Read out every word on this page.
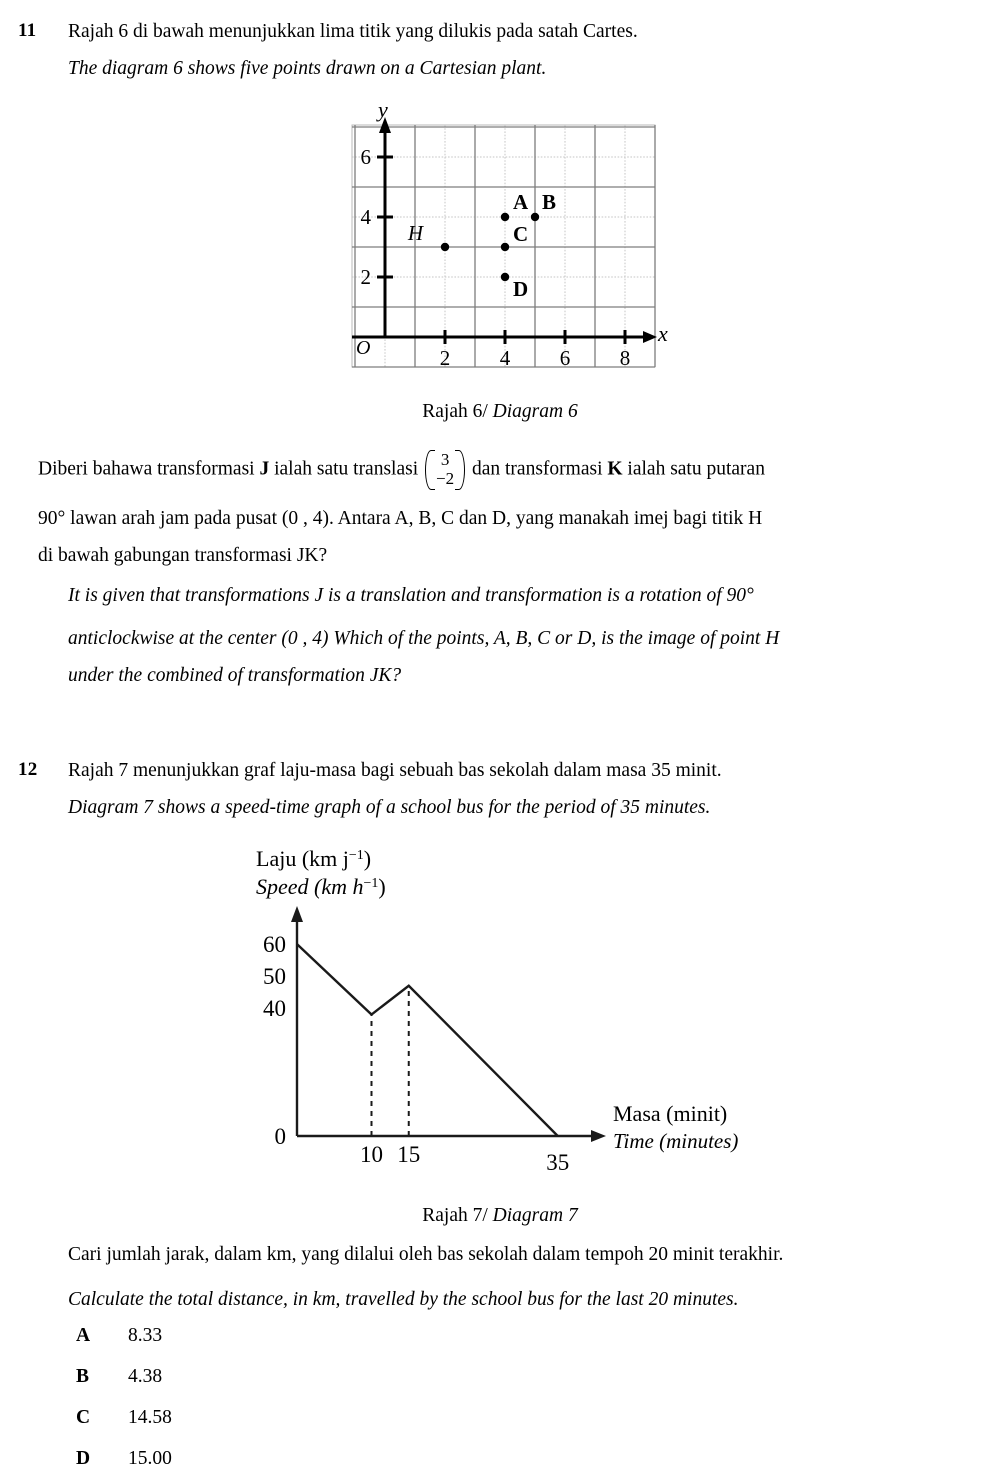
11 Rajah 6 di bawah menunjukkan lima titik yang dilukis pada satah Cartes.
The diagram 6 shows five points drawn on a Cartesian plant.
2 4 6 8
2
4
6
A B
C
D
H
y
x
O
Rajah 6/ Diagram 6
Diberi bahawa transformasi J ialah satu translasi 3
−2 dan transformasi K ialah satu putaran
90° lawan arah jam pada pusat (0 , 4). Antara A, B, C dan D, yang manakah imej bagi titik H
di bawah gabungan transformasi JK?
It is given that transformations J is a translation and transformation is a rotation of 90°
anticlockwise at the center (0 , 4) Which of the points, A, B, C or D, is the image of point H
under the combined of transformation JK?
12 Rajah 7 menunjukkan graf laju-masa bagi sebuah bas sekolah dalam masa 35 minit.
Diagram 7 shows a speed-time graph of a school bus for the period of 35 minutes.
Laju (km $j^{-1}$)
Speed (km $h^{-1}$)
0
40
50
60
10 15	35
Masa (minit)
Time (minutes)
Rajah 7/ Diagram 7
Cari jumlah jarak, dalam km, yang dilalui oleh bas sekolah dalam tempoh 20 minit terakhir.
Calculate the total distance, in km, travelled by the school bus for the last 20 minutes.
A 8.33
B 4.38
C 14.58
D 15.00
